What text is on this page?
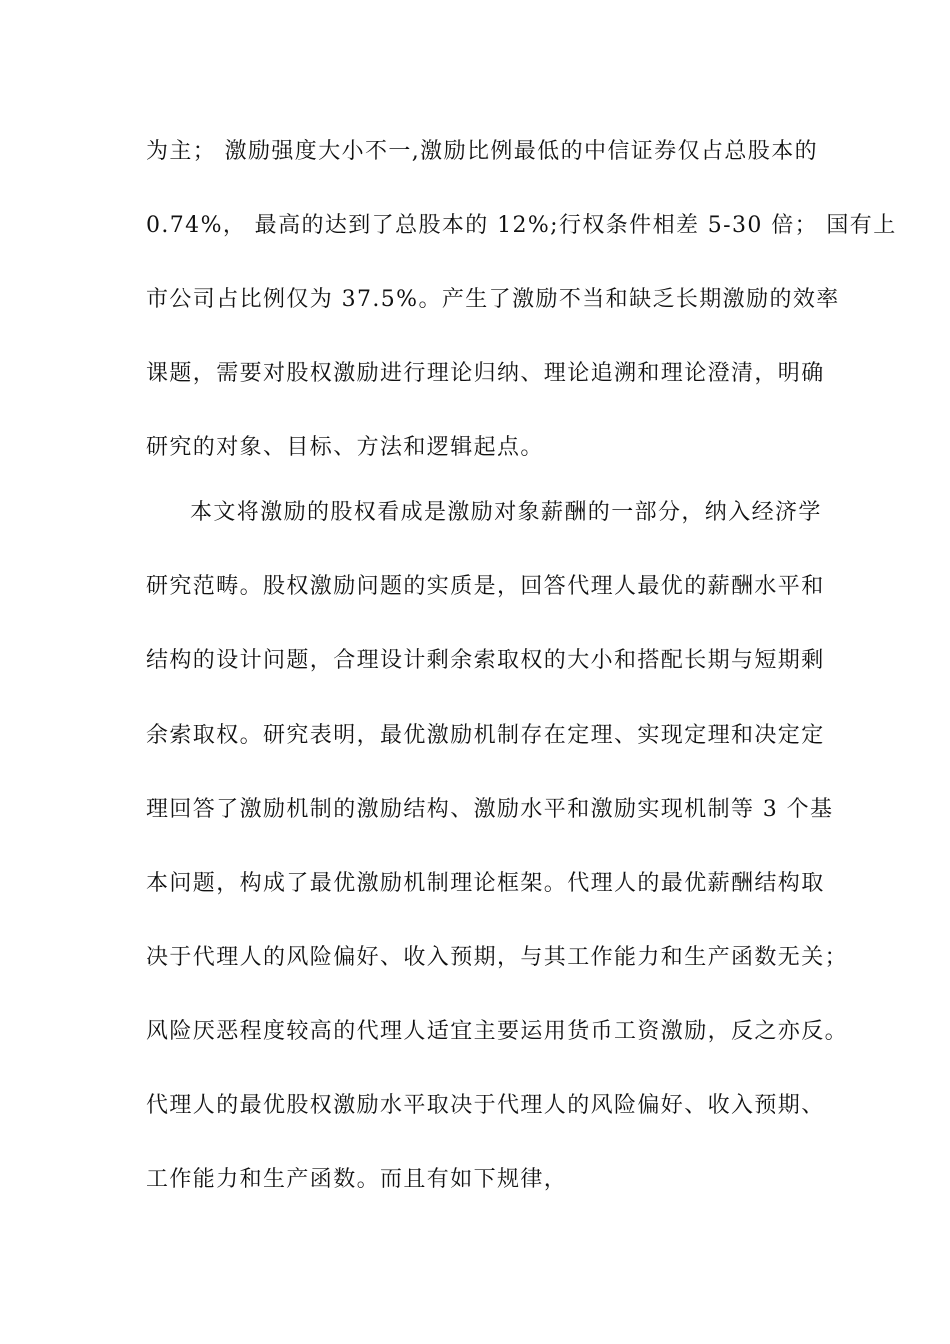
为主； 激励强度大小不一,激励比例最低的中信证券仅占总股本的
0.74%， 最高的达到了总股本的 12%;行权条件相差 5-30 倍； 国有上
市公司占比例仅为 37.5%。产生了激励不当和缺乏长期激励的效率
课题，需要对股权激励进行理论归纳、理论追溯和理论澄清，明确
研究的对象、目标、方法和逻辑起点。
本文将激励的股权看成是激励对象薪酬的一部分，纳入经济学
研究范畴。股权激励问题的实质是，回答代理人最优的薪酬水平和
结构的设计问题，合理设计剩余索取权的大小和搭配长期与短期剩
余索取权。研究表明，最优激励机制存在定理、实现定理和决定定
理回答了激励机制的激励结构、激励水平和激励实现机制等 3 个基
本问题，构成了最优激励机制理论框架。代理人的最优薪酬结构取
决于代理人的风险偏好、收入预期，与其工作能力和生产函数无关；
风险厌恶程度较高的代理人适宜主要运用货币工资激励，反之亦反。
代理人的最优股权激励水平取决于代理人的风险偏好、收入预期、
工作能力和生产函数。而且有如下规律，
